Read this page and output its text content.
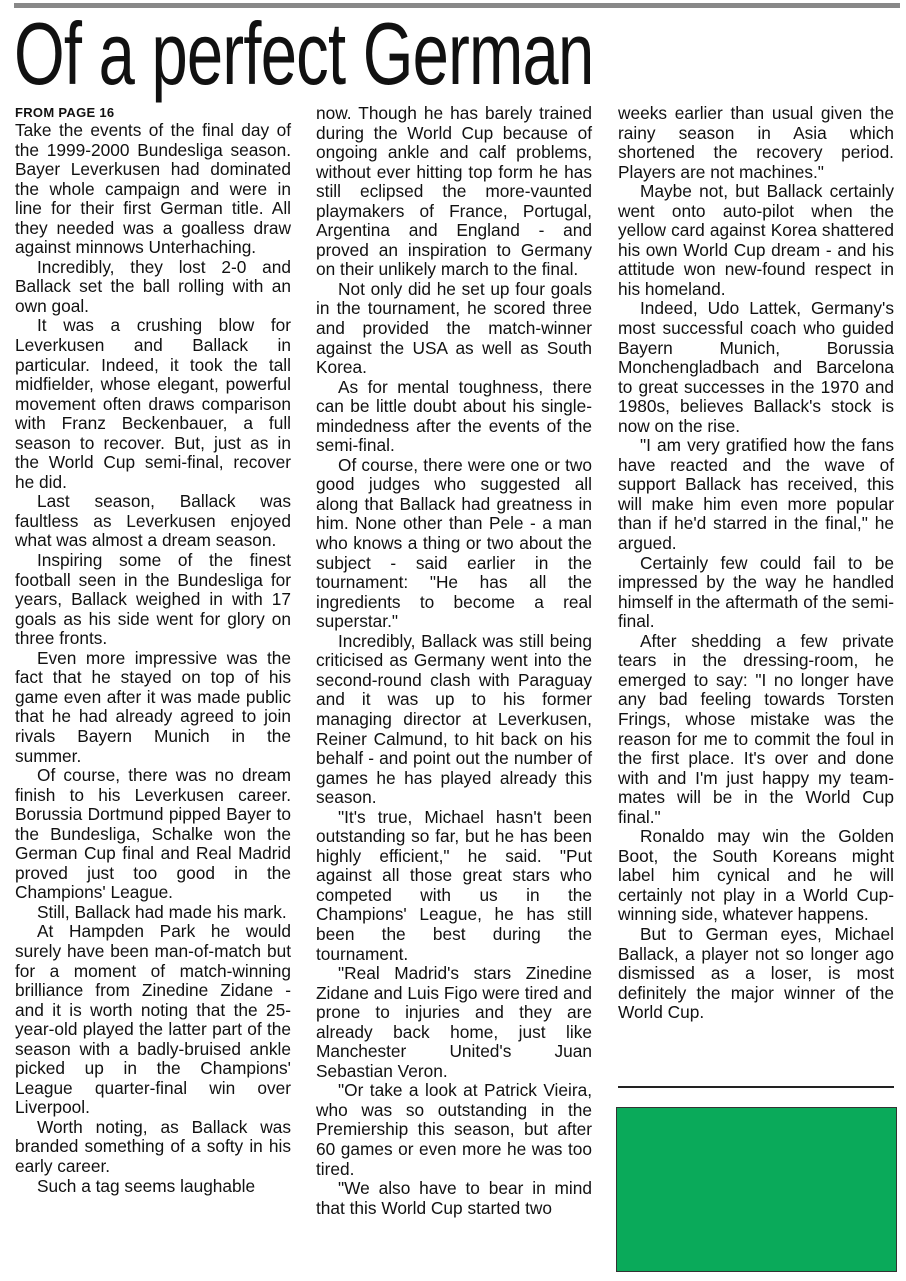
Of a perfect German
FROM PAGE 16

Take the events of the final day of the 1999-2000 Bundesliga season. Bayer Leverkusen had dominated the whole campaign and were in line for their first German title. All they needed was a goalless draw against minnows Unterhaching.

Incredibly, they lost 2-0 and Ballack set the ball rolling with an own goal.

It was a crushing blow for Leverkusen and Ballack in particular. Indeed, it took the tall midfielder, whose elegant, powerful movement often draws comparison with Franz Beckenbauer, a full season to recover. But, just as in the World Cup semi-final, recover he did.

Last season, Ballack was faultless as Leverkusen enjoyed what was almost a dream season.

Inspiring some of the finest football seen in the Bundesliga for years, Ballack weighed in with 17 goals as his side went for glory on three fronts.

Even more impressive was the fact that he stayed on top of his game even after it was made public that he had already agreed to join rivals Bayern Munich in the summer.

Of course, there was no dream finish to his Leverkusen career. Borussia Dortmund pipped Bayer to the Bundesliga, Schalke won the German Cup final and Real Madrid proved just too good in the Champions' League.

Still, Ballack had made his mark.

At Hampden Park he would surely have been man-of-match but for a moment of match-winning brilliance from Zinedine Zidane - and it is worth noting that the 25-year-old played the latter part of the season with a badly-bruised ankle picked up in the Champions' League quarter-final win over Liverpool.

Worth noting, as Ballack was branded something of a softy in his early career.

Such a tag seems laughable

now. Though he has barely trained during the World Cup because of ongoing ankle and calf problems, without ever hitting top form he has still eclipsed the more-vaunted playmakers of France, Portugal, Argentina and England - and proved an inspiration to Germany on their unlikely march to the final.

Not only did he set up four goals in the tournament, he scored three and provided the match-winner against the USA as well as South Korea.

As for mental toughness, there can be little doubt about his single-mindedness after the events of the semi-final.

Of course, there were one or two good judges who suggested all along that Ballack had greatness in him. None other than Pele - a man who knows a thing or two about the subject - said earlier in the tournament: "He has all the ingredients to become a real superstar."

Incredibly, Ballack was still being criticised as Germany went into the second-round clash with Paraguay and it was up to his former managing director at Leverkusen, Reiner Calmund, to hit back on his behalf - and point out the number of games he has played already this season.

"It's true, Michael hasn't been outstanding so far, but he has been highly efficient," he said. "Put against all those great stars who competed with us in the Champions' League, he has still been the best during the tournament.

"Real Madrid's stars Zinedine Zidane and Luis Figo were tired and prone to injuries and they are already back home, just like Manchester United's Juan Sebastian Veron.

"Or take a look at Patrick Vieira, who was so outstanding in the Premiership this season, but after 60 games or even more he was too tired.

"We also have to bear in mind that this World Cup started two

weeks earlier than usual given the rainy season in Asia which shortened the recovery period. Players are not machines."

Maybe not, but Ballack certainly went onto auto-pilot when the yellow card against Korea shattered his own World Cup dream - and his attitude won new-found respect in his homeland.

Indeed, Udo Lattek, Germany's most successful coach who guided Bayern Munich, Borussia Monchengladbach and Barcelona to great successes in the 1970 and 1980s, believes Ballack's stock is now on the rise.

"I am very gratified how the fans have reacted and the wave of support Ballack has received, this will make him even more popular than if he'd starred in the final," he argued.

Certainly few could fail to be impressed by the way he handled himself in the aftermath of the semi-final.

After shedding a few private tears in the dressing-room, he emerged to say: "I no longer have any bad feeling towards Torsten Frings, whose mistake was the reason for me to commit the foul in the first place. It's over and done with and I'm just happy my team-mates will be in the World Cup final."

Ronaldo may win the Golden Boot, the South Koreans might label him cynical and he will certainly not play in a World Cup-winning side, whatever happens.

But to German eyes, Michael Ballack, a player not so longer ago dismissed as a loser, is most definitely the major winner of the World Cup.
